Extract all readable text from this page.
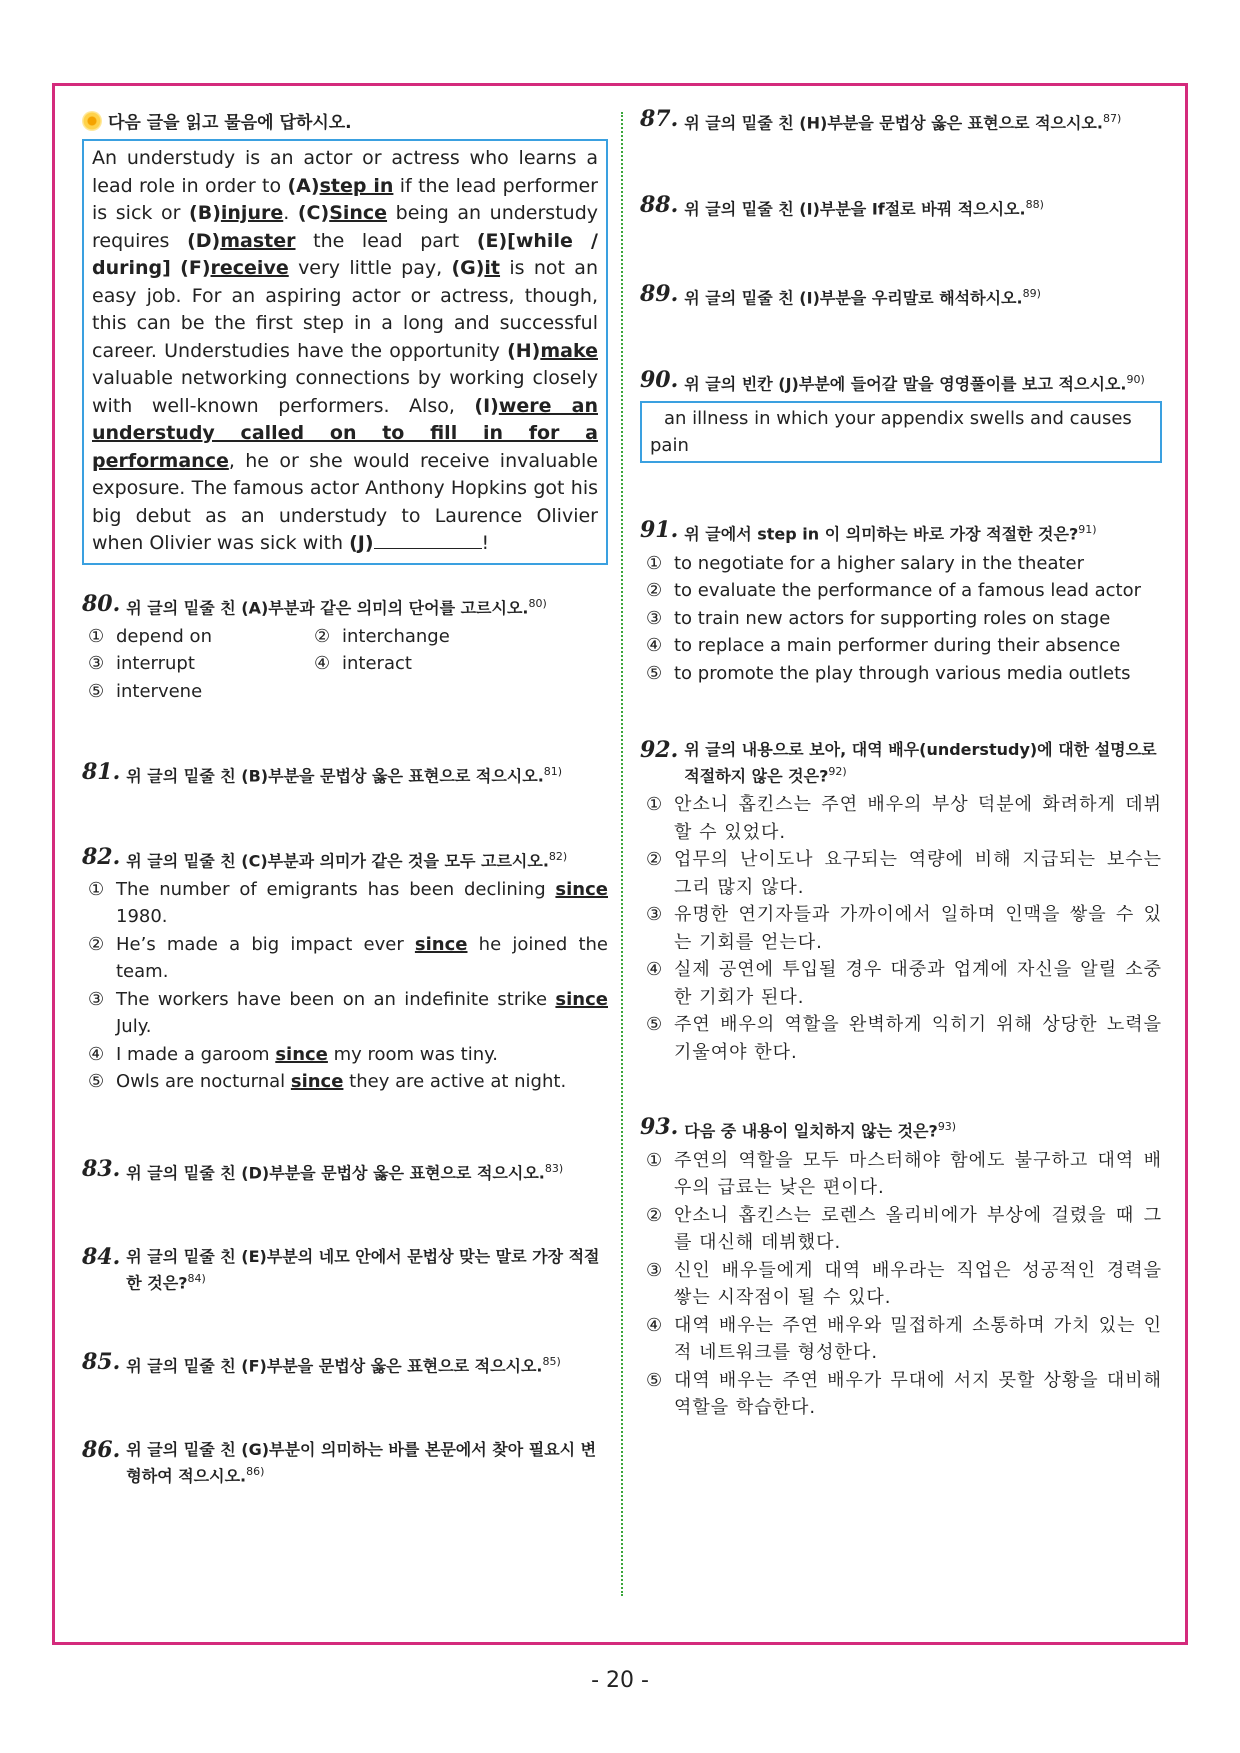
다음 글을 읽고 물음에 답하시오.
An understudy is an actor or actress who learns a lead role in order to (A)step in if the lead performer is sick or (B)injure. (C)Since being an understudy requires (D)master the lead part (E)[while / during] (F)receive very little pay, (G)it is not an easy job. For an aspiring actor or actress, though, this can be the first step in a long and successful career. Understudies have the opportunity (H)make valuable networking connections by working closely with well-known performers. Also, (I)were an understudy called on to fill in for a performance, he or she would receive invaluable exposure. The famous actor Anthony Hopkins got his big debut as an understudy to Laurence Olivier when Olivier was sick with (J)	!
80. 위 글의 밑줄 친 (A)부분과 같은 의미의 단어를 고르시오.$^{80)}$
① depend on	② interchange
③ interrupt	④ interact
⑤ intervene
81. 위 글의 밑줄 친 (B)부분을 문법상 옳은 표현으로 적으시오.$^{81)}$
82. 위 글의 밑줄 친 (C)부분과 의미가 같은 것을 모두 고르시오.$^{82)}$
① The number of emigrants has been declining since 1980.
② He’s made a big impact ever since he joined the team.
③ The workers have been on an indefinite strike since July.
④ I made a garoom since my room was tiny.
⑤ Owls are nocturnal since they are active at night.
83. 위 글의 밑줄 친 (D)부분을 문법상 옳은 표현으로 적으시오.$^{83)}$
84. 위 글의 밑줄 친 (E)부분의 네모 안에서 문법상 맞는 말로 가장 적절한 것은?$^{84)}$
85. 위 글의 밑줄 친 (F)부분을 문법상 옳은 표현으로 적으시오.$^{85)}$
86. 위 글의 밑줄 친 (G)부분이 의미하는 바를 본문에서 찾아 필요시 변형하여 적으시오.$^{86)}$
87. 위 글의 밑줄 친 (H)부분을 문법상 옳은 표현으로 적으시오.$^{87)}$
88. 위 글의 밑줄 친 (I)부분을 If절로 바꿔 적으시오.$^{88)}$
89. 위 글의 밑줄 친 (I)부분을 우리말로 해석하시오.$^{89)}$
90. 위 글의 빈칸 (J)부분에 들어갈 말을 영영풀이를 보고 적으시오.$^{90)}$
an illness in which your appendix swells and causes pain
91. 위 글에서 step in 이 의미하는 바로 가장 적절한 것은?$^{91)}$
① to negotiate for a higher salary in the theater
② to evaluate the performance of a famous lead actor
③ to train new actors for supporting roles on stage
④ to replace a main performer during their absence
⑤ to promote the play through various media outlets
92. 위 글의 내용으로 보아, 대역 배우(understudy)에 대한 설명으로 적절하지 않은 것은?$^{92)}$
① 안소니 홉킨스는 주연 배우의 부상 덕분에 화려하게 데뷔할 수 있었다.
② 업무의 난이도나 요구되는 역량에 비해 지급되는 보수는 그리 많지 않다.
③ 유명한 연기자들과 가까이에서 일하며 인맥을 쌓을 수 있는 기회를 얻는다.
④ 실제 공연에 투입될 경우 대중과 업계에 자신을 알릴 소중한 기회가 된다.
⑤ 주연 배우의 역할을 완벽하게 익히기 위해 상당한 노력을 기울여야 한다.
93. 다음 중 내용이 일치하지 않는 것은?$^{93)}$
① 주연의 역할을 모두 마스터해야 함에도 불구하고 대역 배우의 급료는 낮은 편이다.
② 안소니 홉킨스는 로렌스 올리비에가 부상에 걸렸을 때 그를 대신해 데뷔했다.
③ 신인 배우들에게 대역 배우라는 직업은 성공적인 경력을 쌓는 시작점이 될 수 있다.
④ 대역 배우는 주연 배우와 밀접하게 소통하며 가치 있는 인적 네트워크를 형성한다.
⑤ 대역 배우는 주연 배우가 무대에 서지 못할 상황을 대비해 역할을 학습한다.
- 20 -
